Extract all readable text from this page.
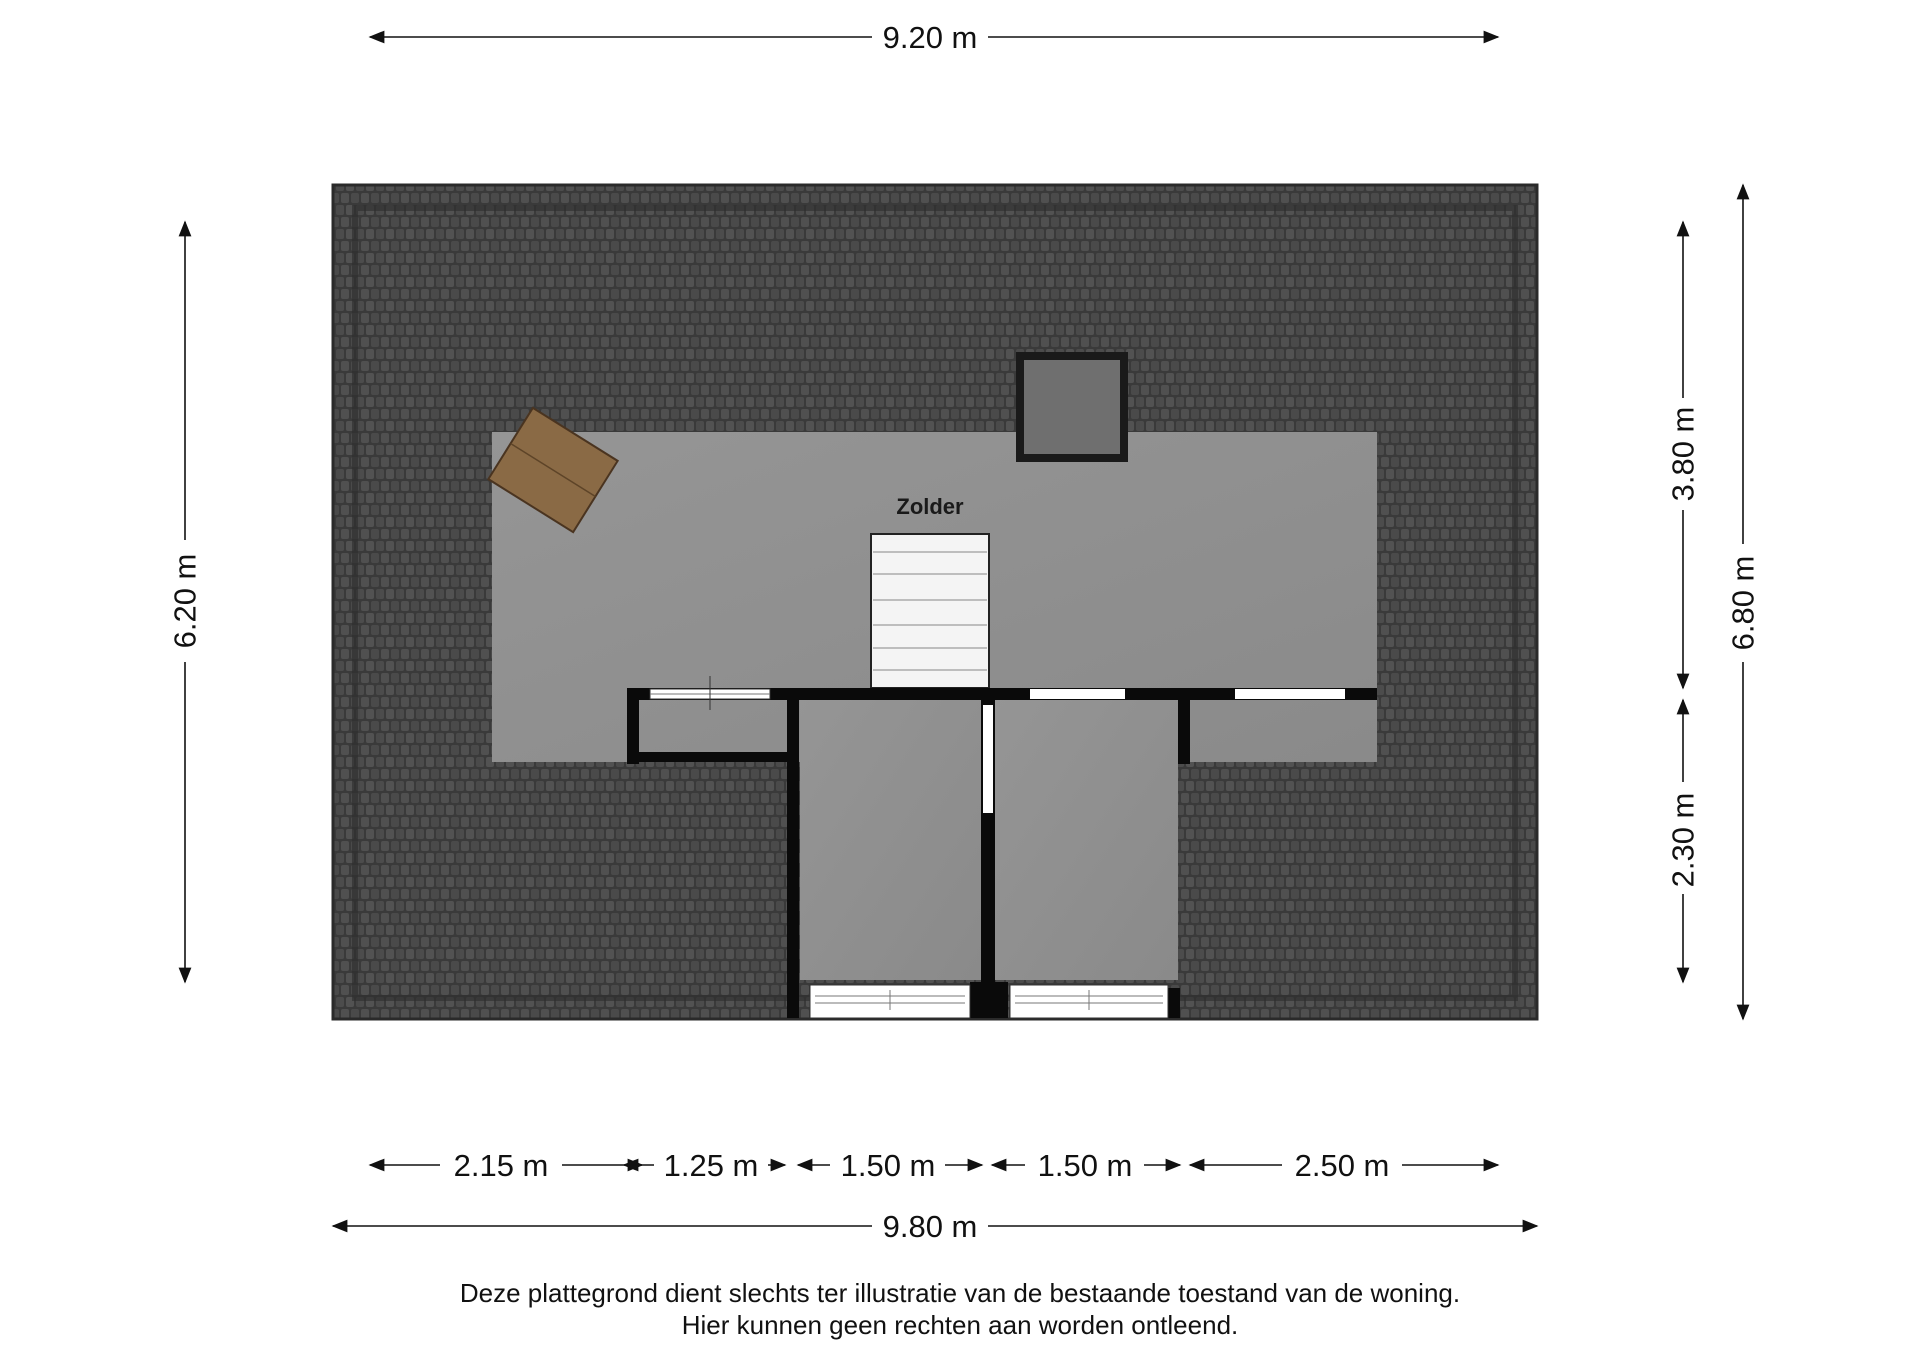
Zolder
9.20 m
2.15 m	1.25 m	1.50 m	1.50 m	2.50 m
9.80 m
6.20 m
3.80 m
2.30 m
6.80 m
Deze plattegrond dient slechts ter illustratie van de bestaande toestand van de woning.
Hier kunnen geen rechten aan worden ontleend.
